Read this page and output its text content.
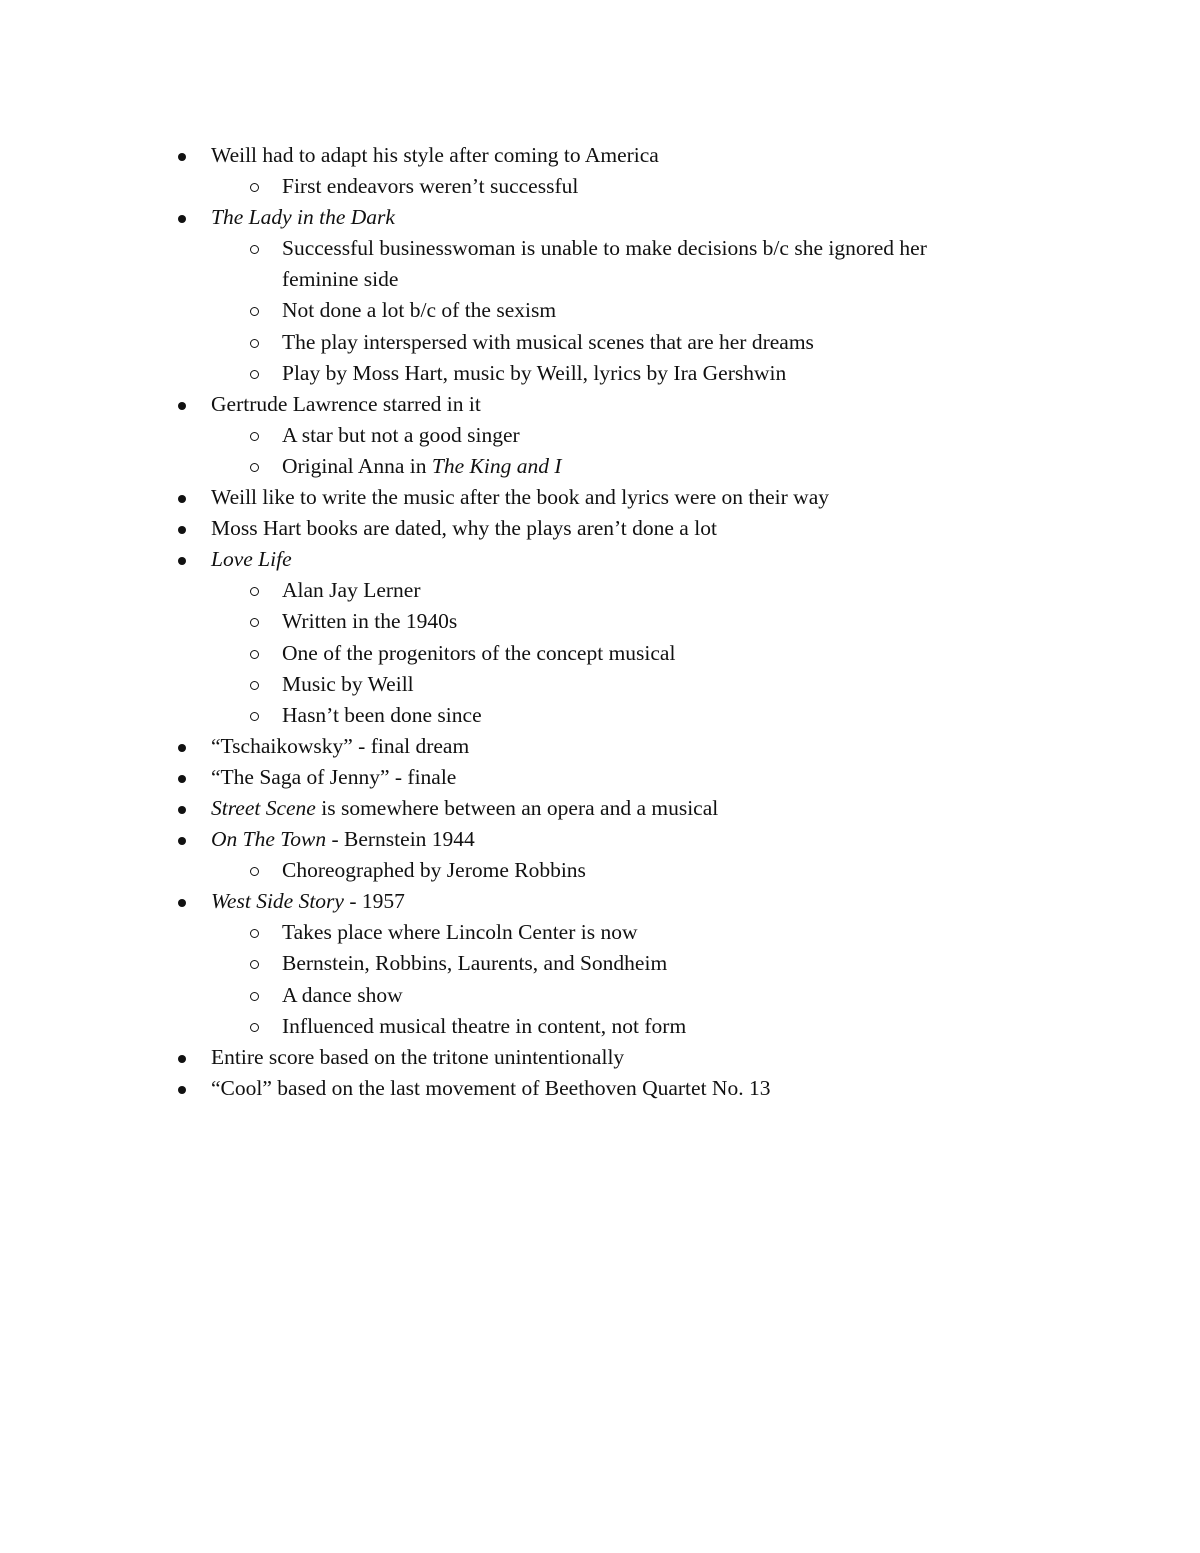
Weill had to adapt his style after coming to America
First endeavors weren’t successful
The Lady in the Dark
Successful businesswoman is unable to make decisions b/c she ignored her
feminine side
Not done a lot b/c of the sexism
The play interspersed with musical scenes that are her dreams
Play by Moss Hart, music by Weill, lyrics by Ira Gershwin
Gertrude Lawrence starred in it
A star but not a good singer
Original Anna in The King and I
Weill like to write the music after the book and lyrics were on their way
Moss Hart books are dated, why the plays aren’t done a lot
Love Life
Alan Jay Lerner
Written in the 1940s
One of the progenitors of the concept musical
Music by Weill
Hasn’t been done since
“Tschaikowsky” - final dream
“The Saga of Jenny” - finale
Street Scene is somewhere between an opera and a musical
On The Town - Bernstein 1944
Choreographed by Jerome Robbins
West Side Story - 1957
Takes place where Lincoln Center is now
Bernstein, Robbins, Laurents, and Sondheim
A dance show
Influenced musical theatre in content, not form
Entire score based on the tritone unintentionally
“Cool” based on the last movement of Beethoven Quartet No. 13
